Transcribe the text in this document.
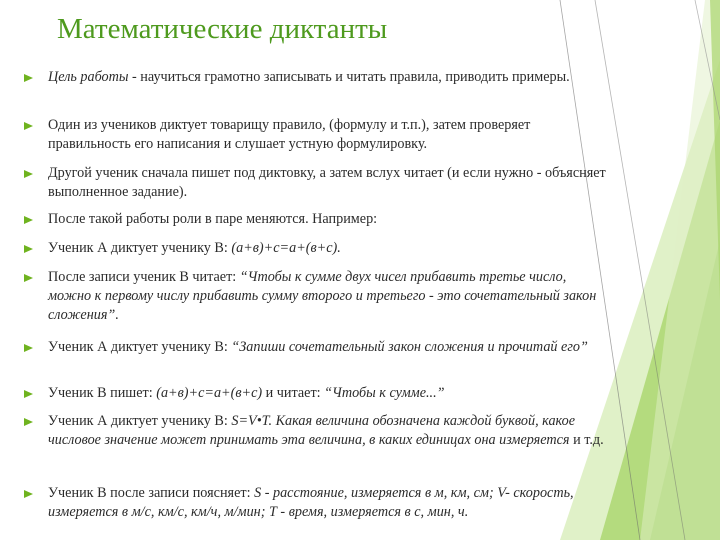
Математические диктанты
Цель работы - научиться грамотно записывать и читать правила, приводить примеры.
Один из учеников диктует товарищу правило, (формулу и т.п.), затем проверяет правильность его написания и слушает устную формулировку.
Другой ученик сначала пишет под диктовку, а затем вслух читает (и если нужно - объясняет выполненное задание).
После такой работы роли в паре меняются. Например:
Ученик А диктует ученику В: (а+в)+с=а+(в+с).
После записи ученик В читает: “Чтобы к сумме двух чисел прибавить третье число, можно к первому числу прибавить сумму второго и третьего - это сочетательный закон сложения”.
Ученик А диктует ученику В: “Запиши сочетательный закон сложения и прочитай его”
Ученик В пишет: (а+в)+с=а+(в+с) и читает: “Чтобы к сумме...”
Ученик А диктует ученику В: S=V•T. Какая величина обозначена каждой буквой, какое числовое значение может принимать эта величина, в каких единицах она измеряется и т.д.
Ученик В после записи поясняет: S - расстояние, измеряется в м, км, см; V- скорость, измеряется в м/с, км/с, км/ч, м/мин; Т - время, измеряется в с, мин, ч.
